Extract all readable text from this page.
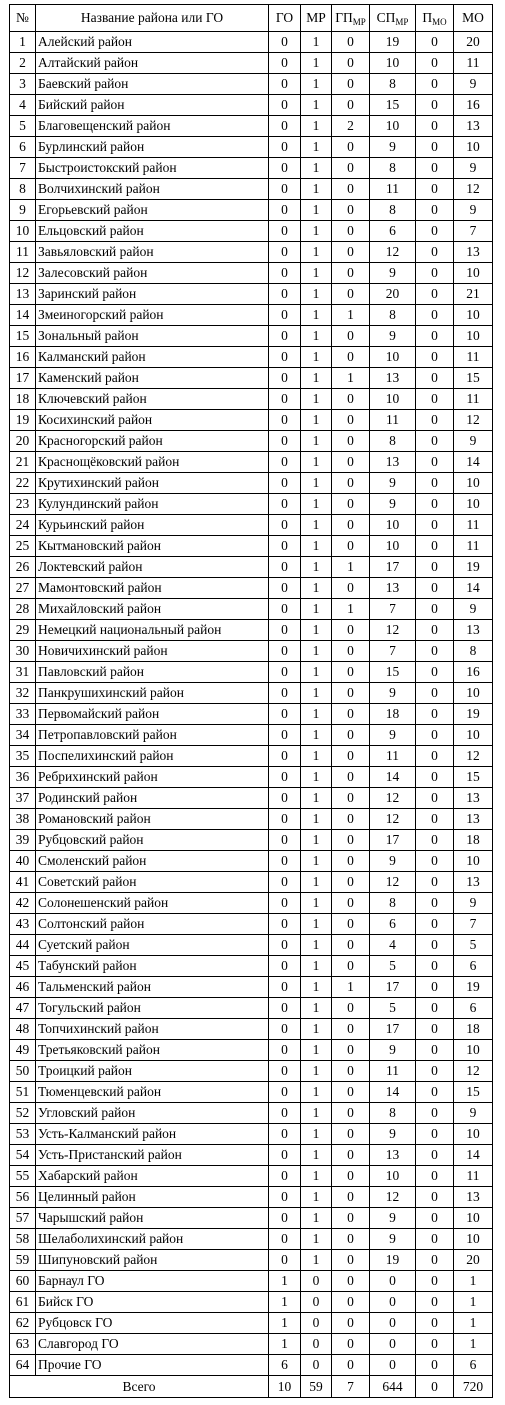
№	Название района или ГО	ГО	МР	$ГП_{МР}$	$СП_{МР}$	$П_{МО}$	МО
1	Алейский район	0	1	0	19	0	20
2	Алтайский район	0	1	0	10	0	11
3	Баевский район	0	1	0	8	0	9
4	Бийский район	0	1	0	15	0	16
5	Благовещенский район	0	1	2	10	0	13
6	Бурлинский район	0	1	0	9	0	10
7	Быстроистокский район	0	1	0	8	0	9
8	Волчихинский район	0	1	0	11	0	12
9	Егорьевский район	0	1	0	8	0	9
10	Ельцовский район	0	1	0	6	0	7
11	Завьяловский район	0	1	0	12	0	13
12	Залесовский район	0	1	0	9	0	10
13	Заринский район	0	1	0	20	0	21
14	Змеиногорский район	0	1	1	8	0	10
15	Зональный район	0	1	0	9	0	10
16	Калманский район	0	1	0	10	0	11
17	Каменский район	0	1	1	13	0	15
18	Ключевский район	0	1	0	10	0	11
19	Косихинский район	0	1	0	11	0	12
20	Красногорский район	0	1	0	8	0	9
21	Краснощёковский район	0	1	0	13	0	14
22	Крутихинский район	0	1	0	9	0	10
23	Кулундинский район	0	1	0	9	0	10
24	Курьинский район	0	1	0	10	0	11
25	Кытмановский район	0	1	0	10	0	11
26	Локтевский район	0	1	1	17	0	19
27	Мамонтовский район	0	1	0	13	0	14
28	Михайловский район	0	1	1	7	0	9
29	Немецкий национальный район	0	1	0	12	0	13
30	Новичихинский район	0	1	0	7	0	8
31	Павловский район	0	1	0	15	0	16
32	Панкрушихинский район	0	1	0	9	0	10
33	Первомайский район	0	1	0	18	0	19
34	Петропавловский район	0	1	0	9	0	10
35	Поспелихинский район	0	1	0	11	0	12
36	Ребрихинский район	0	1	0	14	0	15
37	Родинский район	0	1	0	12	0	13
38	Романовский район	0	1	0	12	0	13
39	Рубцовский район	0	1	0	17	0	18
40	Смоленский район	0	1	0	9	0	10
41	Советский район	0	1	0	12	0	13
42	Солонешенский район	0	1	0	8	0	9
43	Солтонский район	0	1	0	6	0	7
44	Суетский район	0	1	0	4	0	5
45	Табунский район	0	1	0	5	0	6
46	Тальменский район	0	1	1	17	0	19
47	Тогульский район	0	1	0	5	0	6
48	Топчихинский район	0	1	0	17	0	18
49	Третьяковский район	0	1	0	9	0	10
50	Троицкий район	0	1	0	11	0	12
51	Тюменцевский район	0	1	0	14	0	15
52	Угловский район	0	1	0	8	0	9
53	Усть-Калманский район	0	1	0	9	0	10
54	Усть-Пристанский район	0	1	0	13	0	14
55	Хабарский район	0	1	0	10	0	11
56	Целинный район	0	1	0	12	0	13
57	Чарышский район	0	1	0	9	0	10
58	Шелаболихинский район	0	1	0	9	0	10
59	Шипуновский район	0	1	0	19	0	20
60	Барнаул ГО	1	0	0	0	0	1
61	Бийск ГО	1	0	0	0	0	1
62	Рубцовск ГО	1	0	0	0	0	1
63	Славгород ГО	1	0	0	0	0	1
64	Прочие ГО	6	0	0	0	0	6
Всего		10	59	7	644	0	720
